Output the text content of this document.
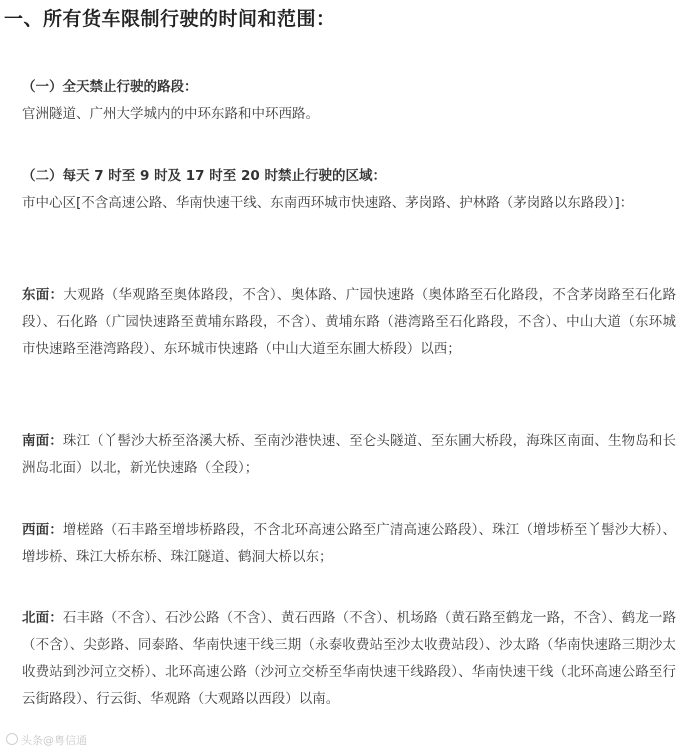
一、所有货车限制行驶的时间和范围：
（一）全天禁止行驶的路段：
官洲隧道、广州大学城内的中环东路和中环西路。
（二）每天 7 时至 9 时及 17 时至 20 时禁止行驶的区域：
市中心区[不含高速公路、华南快速干线、东南西环城市快速路、茅岗路、护林路（茅岗路以东路段）]：
东面：大观路（华观路至奥体路段，不含）、奥体路、广园快速路（奥体路至石化路段，不含茅岗路至石化路段）、石化路（广园快速路至黄埔东路段，不含）、黄埔东路（港湾路至石化路段，不含）、中山大道（东环城市快速路至港湾路段）、东环城市快速路（中山大道至东圃大桥段）以西；
南面：珠江（丫髻沙大桥至洛溪大桥、至南沙港快速、至仑头隧道、至东圃大桥段，海珠区南面、生物岛和长洲岛北面）以北，新光快速路（全段）；
西面：增槎路（石丰路至增埗桥路段，不含北环高速公路至广清高速公路段）、珠江（增埗桥至丫髻沙大桥）、增埗桥、珠江大桥东桥、珠江隧道、鹤洞大桥以东；
北面：石丰路（不含）、石沙公路（不含）、黄石西路（不含）、机场路（黄石路至鹤龙一路，不含）、鹤龙一路（不含）、尖彭路、同泰路、华南快速干线三期（永泰收费站至沙太收费站段）、沙太路（华南快速路三期沙太收费站到沙河立交桥）、北环高速公路（沙河立交桥至华南快速干线路段）、华南快速干线（北环高速公路至行云街路段）、行云街、华观路（大观路以西段）以南。
头条@粤信通
